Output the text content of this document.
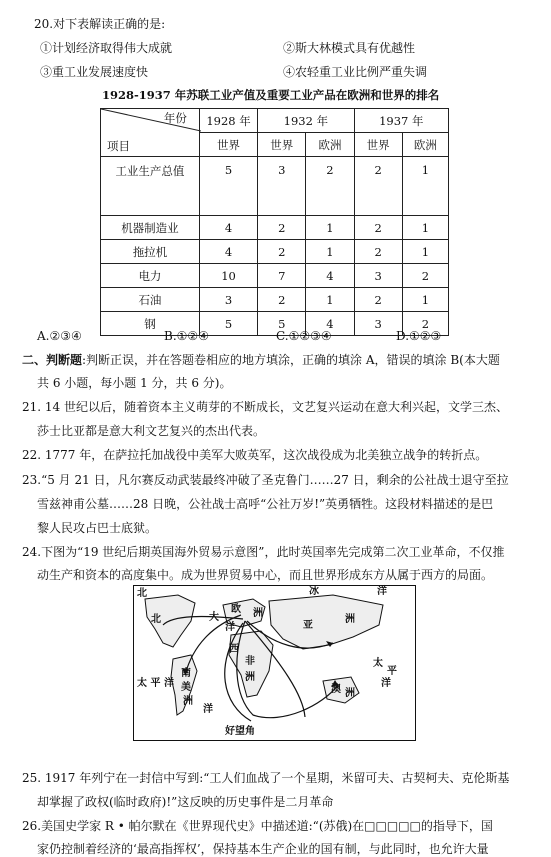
20.对下表解读正确的是:
①计划经济取得伟大成就	②斯大林模式具有优越性
③重工业发展速度快	④农轻重工业比例严重失调
1928-1937 年苏联工业产值及重要工业产品在欧洲和世界的排名
年份
项目	1928 年	1932 年		1937 年	
	世界	世界	欧洲	世界	欧洲
工业生产总值	5	3	2	2	1
机器制造业	4	2	1	2	1
拖拉机	4	2	1	2	1
电力	10	7	4	3	2
石油	3	2	1	2	1
钢	5	5	4	3	2
A.②③④	B.①②④	C.①②③④	D.①②③
二、判断题:判断正误，并在答题卷相应的地方填涂，正确的填涂 A，错误的填涂 B(本大题
共 6 小题，每小题 1 分，共 6 分)。
21. 14 世纪以后，随着资本主义萌芽的不断成长，文艺复兴运动在意大利兴起，文学三杰、
莎士比亚都是意大利文艺复兴的杰出代表。
22. 1777 年，在萨拉托加战役中美军大败英军，这次战役成为北美独立战争的转折点。
23.“5 月 21 日，凡尔赛反动武装最终冲破了圣克鲁门……27 日，剩余的公社战士退守至拉
雪兹神甫公墓……28 日晚，公社战士高呼“公社万岁!”英勇牺牲。这段材料描述的是巴
黎人民攻占巴士底狱。
24.下图为“19 世纪后期英国海外贸易示意图”，此时英国率先完成第二次工业革命，不仅推
动生产和资本的高度集中。成为世界贸易中心，而且世界形成东方从属于西方的局面。
北
北	大
洋
欧 洲
冰	洋
亚
洲
西
非
洲
太
平
洋
太 平 洋
南
美
洲
洋
好望角
澳 洲
25. 1917 年列宁在一封信中写到:“工人们血战了一个星期，米留可夫、古契柯夫、克伦斯基
却掌握了政权(临时政府)!”这反映的历史事件是二月革命
26.美国史学家 R • 帕尔默在《世界现代史》中描述道:“(苏俄)在□□□□□的指导下，国
家仍控制着经济的‘最高指挥权’，保持基本生产企业的国有制，与此同时，也允许大量
